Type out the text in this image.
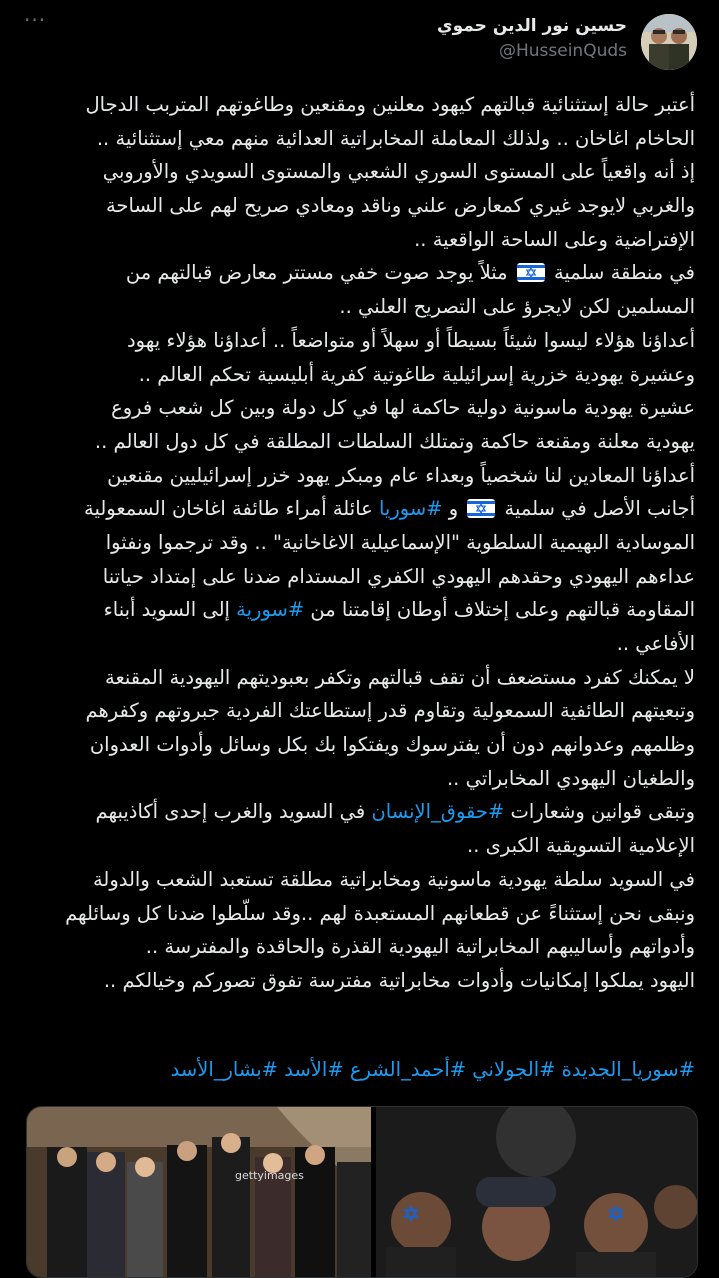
···	حسين نور الدين حموي
@HusseinQuds
أعتبر حالة إستثنائية قبالتهم كيهود معلنين ومقنعين وطاغوتهم المتربب الدجال
الحاخام اغاخان .. ولذلك المعاملة المخابراتية العدائية منهم معي إستثنائية ..
إذ أنه واقعياً على المستوى السوري الشعبي والمستوى السويدي والأوروبي
والغربي لايوجد غيري كمعارض علني وناقد ومعادي صريح لهم على الساحة
الإفتراضية وعلى الساحة الواقعية ..
في منطقة سلمية
مثلاً يوجد صوت خفي مستتر معارض قبالتهم من
المسلمين لكن لايجرؤ على التصريح العلني ..
أعداؤنا هؤلاء ليسوا شيئاً بسيطاً أو سهلاً أو متواضعاً .. أعداؤنا هؤلاء يهود
وعشيرة يهودية خزرية إسرائيلية طاغوتية كفرية أبليسية تحكم العالم ..
عشيرة يهودية ماسونية دولية حاكمة لها في كل دولة وبين كل شعب فروع
يهودية معلنة ومقنعة حاكمة وتمتلك السلطات المطلقة في كل دول العالم ..
أعداؤنا المعادين لنا شخصياً وبعداء عام ومبكر يهود خزر إسرائيليين مقنعين
أجانب الأصل في سلمية
و #سوريا عائلة أمراء طائفة اغاخان السمعولية
الموسادية البهيمية السلطوية "الإسماعيلية الاغاخانية" .. وقد ترجموا ونفثوا
عداءهم اليهودي وحقدهم اليهودي الكفري المستدام ضدنا على إمتداد حياتنا
المقاومة قبالتهم وعلى إختلاف أوطان إقامتنا من #سورية إلى السويد أبناء
الأفاعي ..
لا يمكنك كفرد مستضعف أن تقف قبالتهم وتكفر بعبوديتهم اليهودية المقنعة
وتبعيتهم الطائفية السمعولية وتقاوم قدر إستطاعتك الفردية جبروتهم وكفرهم
وظلمهم وعدوانهم دون أن يفترسوك ويفتكوا بك بكل وسائل وأدوات العدوان
والطغيان اليهودي المخابراتي ..
وتبقى قوانين وشعارات #حقوق_الإنسان في السويد والغرب إحدى أكاذيبهم
الإعلامية التسويقية الكبرى ..
في السويد سلطة يهودية ماسونية ومخابراتية مطلقة تستعبد الشعب والدولة
ونبقى نحن إستثناءً عن قطعانهم المستعبدة لهم ..وقد سلّطوا ضدنا كل وسائلهم
وأدواتهم وأساليبهم المخابراتية اليهودية القذرة والحاقدة والمفترسة ..
اليهود يملكوا إمكانيات وأدوات مخابراتية مفترسة تفوق تصوركم وخيالكم ..
#سوريا_الجديدة #الجولاني #أحمد_الشرع #الأسد #بشار_الأسد
gettyimages
